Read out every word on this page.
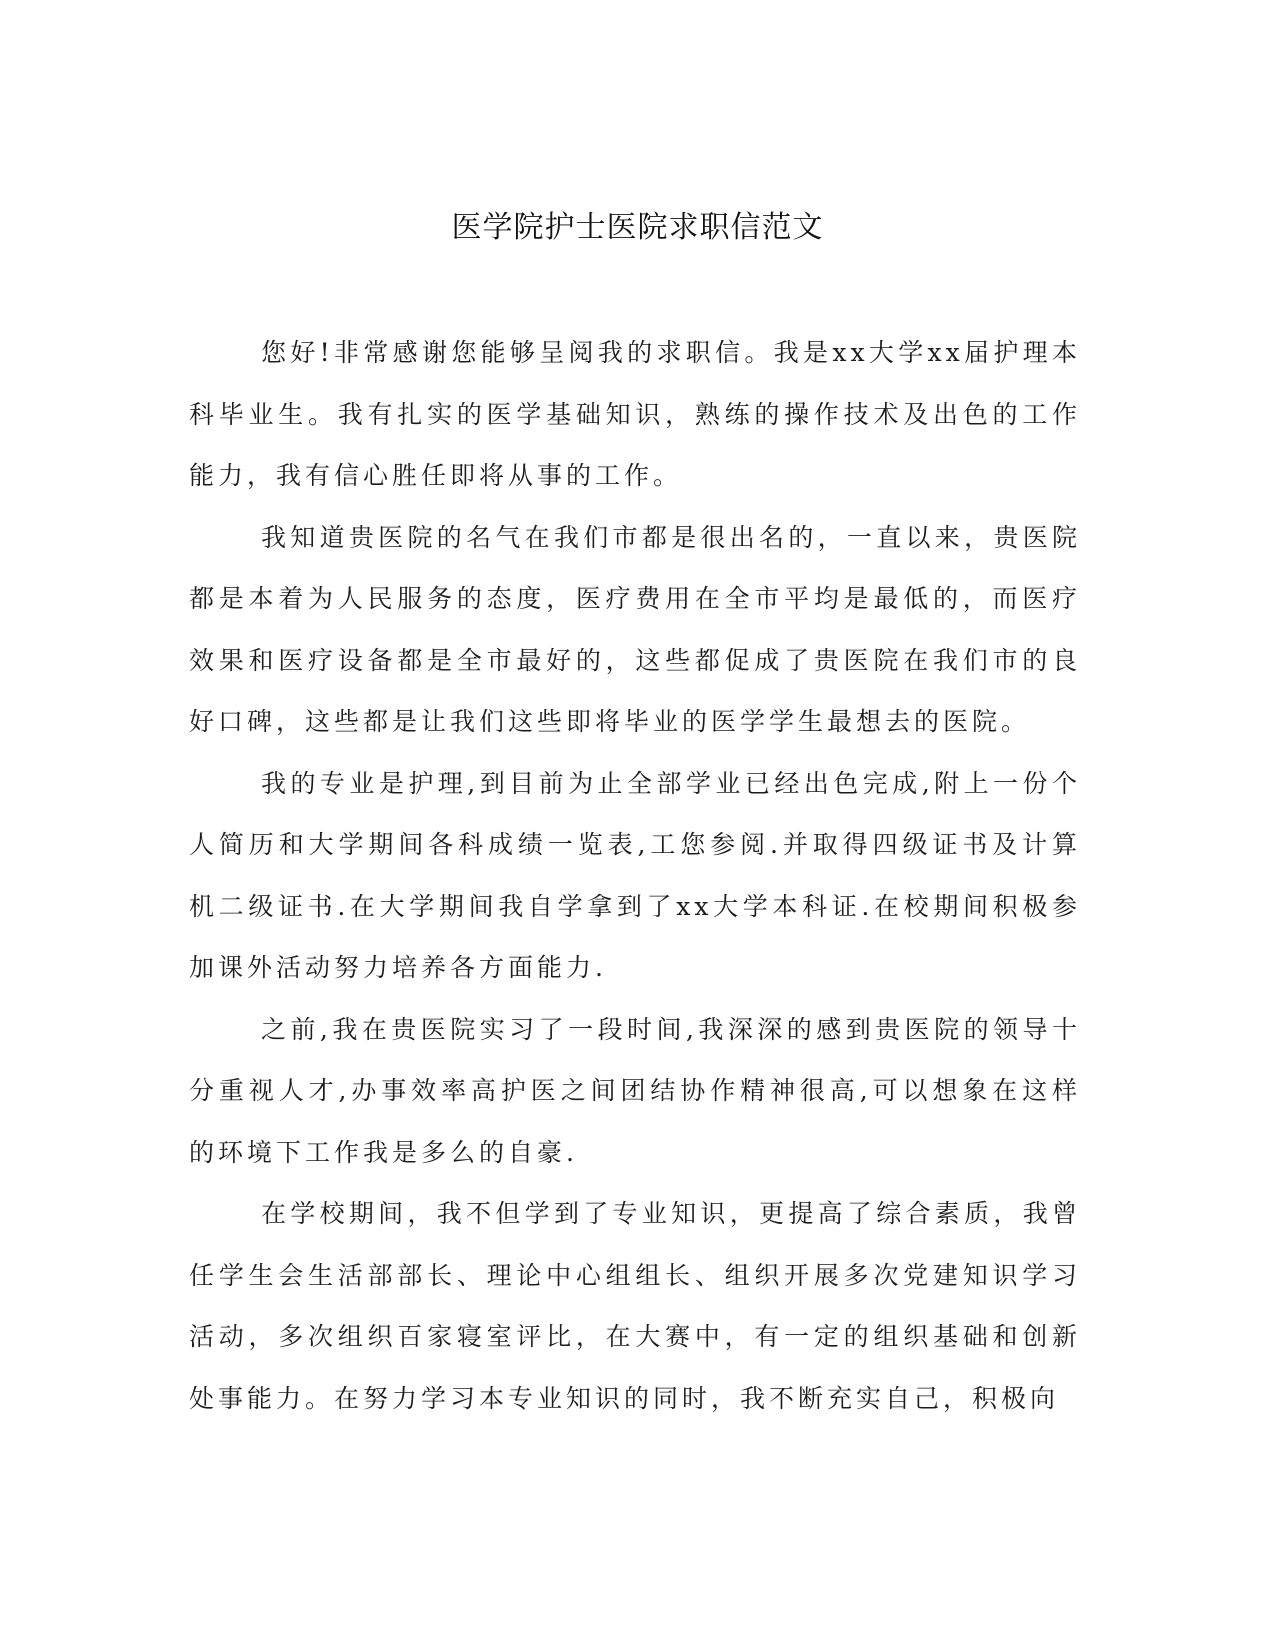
医学院护士医院求职信范文

您好!非常感谢您能够呈阅我的求职信。我是xx大学xx届护理本科毕业生。我有扎实的医学基础知识，熟练的操作技术及出色的工作能力，我有信心胜任即将从事的工作。

我知道贵医院的名气在我们市都是很出名的，一直以来，贵医院都是本着为人民服务的态度，医疗费用在全市平均是最低的，而医疗效果和医疗设备都是全市最好的，这些都促成了贵医院在我们市的良好口碑，这些都是让我们这些即将毕业的医学学生最想去的医院。

我的专业是护理,到目前为止全部学业已经出色完成,附上一份个人简历和大学期间各科成绩一览表,工您参阅.并取得四级证书及计算机二级证书.在大学期间我自学拿到了xx大学本科证.在校期间积极参加课外活动努力培养各方面能力.

之前,我在贵医院实习了一段时间,我深深的感到贵医院的领导十分重视人才,办事效率高护医之间团结协作精神很高,可以想象在这样的环境下工作我是多么的自豪.

在学校期间，我不但学到了专业知识，更提高了综合素质，我曾任学生会生活部部长、理论中心组组长、组织开展多次党建知识学习活动，多次组织百家寝室评比，在大赛中，有一定的组织基础和创新处事能力。在努力学习本专业知识的同时，我不断充实自己，积极向
